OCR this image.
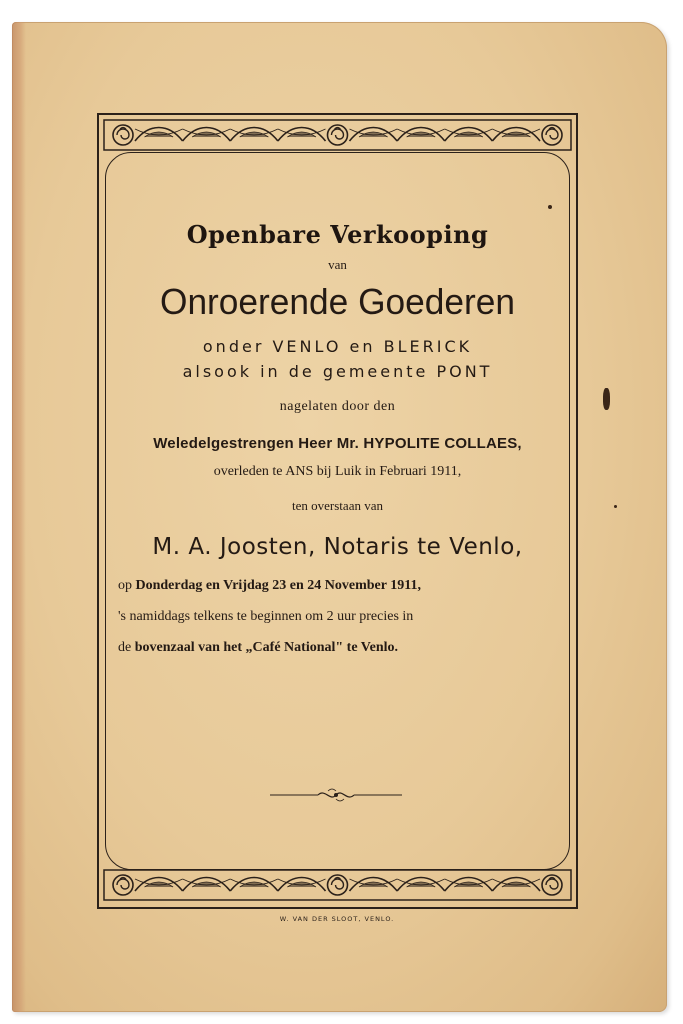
Openbare Verkooping
van
Onroerende Goederen
onder VENLO en BLERICK
alsook in de gemeente PONT
nagelaten door den
Weledelgestrengen Heer Mr. HYPOLITE COLLAES,
overleden te ANS bij Luik in Februari 1911,
ten overstaan van
M. A. Joosten, Notaris te Venlo,
op Donderdag en Vrijdag 23 en 24 November 1911,
's namiddags telkens te beginnen om 2 uur precies in
de bovenzaal van het „Café National" te Venlo.
W. VAN DER SLOOT, VENLO.
